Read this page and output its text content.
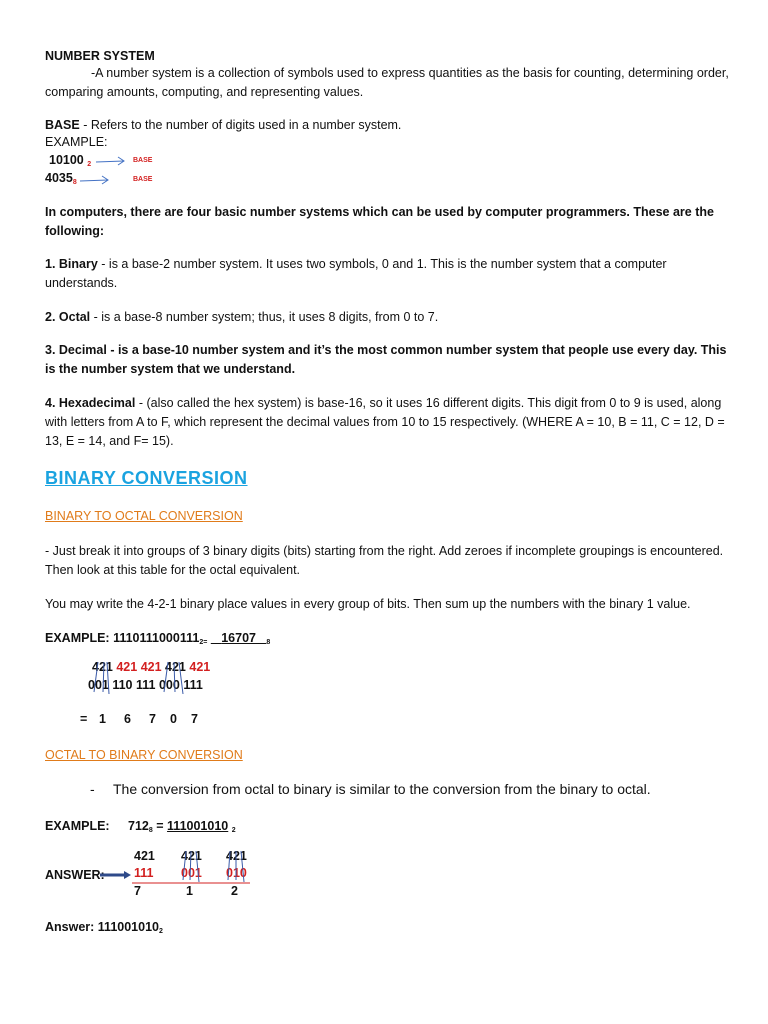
NUMBER SYSTEM
-A number system is a collection of symbols used to express quantities as the basis for counting, determining order, comparing amounts, computing, and representing values.
BASE - Refers to the number of digits used in a number system.
EXAMPLE:
10100 2
BASE
40358	BASE
In computers, there are four basic number systems which can be used by computer programmers. These are the following:
1. Binary - is a base-2 number system. It uses two symbols, 0 and 1. This is the number system that a computer understands.
2. Octal - is a base-8 number system; thus, it uses 8 digits, from 0 to 7.
3. Decimal - is a base-10 number system and it’s the most common number system that people use every day. This is the number system that we understand.
4. Hexadecimal - (also called the hex system) is base-16, so it uses 16 different digits. This digit from 0 to 9 is used, along with letters from A to F, which represent the decimal values from 10 to 15 respectively. (WHERE A = 10, B = 11, C = 12, D = 13, E = 14, and F= 15).
BINARY CONVERSION
BINARY TO OCTAL CONVERSION
- Just break it into groups of 3 binary digits (bits) starting from the right. Add zeroes if incomplete groupings is encountered. Then look at this table for the octal equivalent.
You may write the 4-2-1 binary place values in every group of bits. Then sum up the numbers with the binary 1 value.
EXAMPLE: $1110111000111_{2=}$ 16707 $_8$
421 421 421 421 421
001 110 111 000 111
= 1 6 7 0 7
OCTAL TO BINARY CONVERSION
- The conversion from octal to binary is similar to the conversion from the binary to octal.
EXAMPLE: $712_8 = 111001010$ $_2$
421 421 421
ANSWER: 111 001 010
7	1	2
Answer: $111001010_2$
